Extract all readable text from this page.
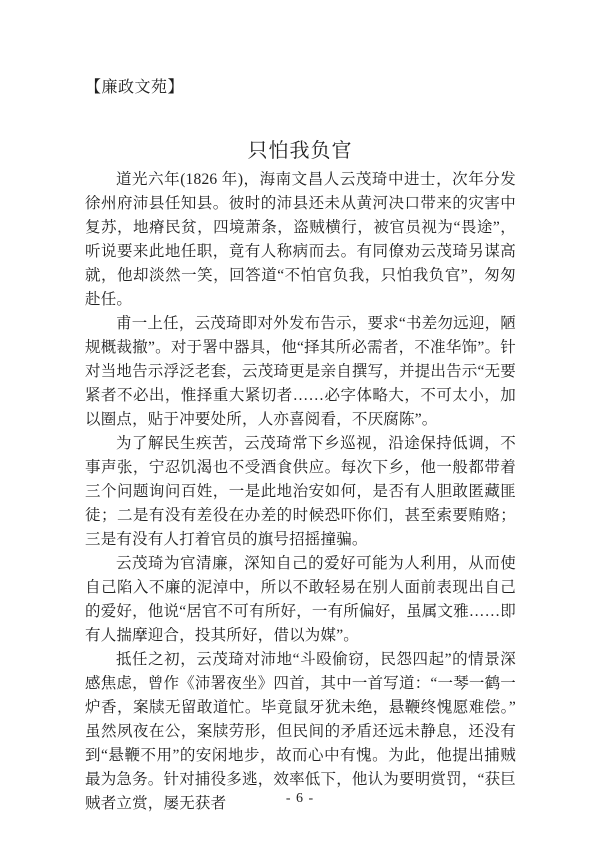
【廉政文苑】
只怕我负官

道光六年(1826 年)，海南文昌人云茂琦中进士，次年分发徐州府沛县任知县。彼时的沛县还未从黄河决口带来的灾害中复苏，地瘠民贫，四境萧条，盗贼横行，被官员视为“畏途”，听说要来此地任职，竟有人称病而去。有同僚劝云茂琦另谋高就，他却淡然一笑，回答道“不怕官负我，只怕我负官”，匆匆赴任。

甫一上任，云茂琦即对外发布告示，要求“书差勿远迎，陋规概裁撤”。对于署中器具，他“择其所必需者，不准华饰”。针对当地告示浮泛老套，云茂琦更是亲自撰写，并提出告示“无要紧者不必出，惟择重大紧切者……必字体略大，不可太小，加以圈点，贴于冲要处所，人亦喜阅看，不厌腐陈”。

为了解民生疾苦，云茂琦常下乡巡视，沿途保持低调，不事声张，宁忍饥渴也不受酒食供应。每次下乡，他一般都带着三个问题询问百姓，一是此地治安如何，是否有人胆敢匿藏匪徒；二是有没有差役在办差的时候恐吓你们，甚至索要贿赂；三是有没有人打着官员的旗号招摇撞骗。

云茂琦为官清廉，深知自己的爱好可能为人利用，从而使自己陷入不廉的泥淖中，所以不敢轻易在别人面前表现出自己的爱好，他说“居官不可有所好，一有所偏好，虽属文雅……即有人揣摩迎合，投其所好，借以为媒”。

抵任之初，云茂琦对沛地“斗殴偷窃，民怨四起”的情景深感焦虑，曾作《沛署夜坐》四首，其中一首写道：“一琴一鹤一炉香，案牍无留敢道忙。毕竟鼠牙犹未绝，悬鞭终愧愿难偿。”虽然夙夜在公，案牍劳形，但民间的矛盾还远未静息，还没有到“悬鞭不用”的安闲地步，故而心中有愧。为此，他提出捕贼最为急务。针对捕役多逃，效率低下，他认为要明赏罚，“获巨贼者立赏，屡无获者	- 6 -
